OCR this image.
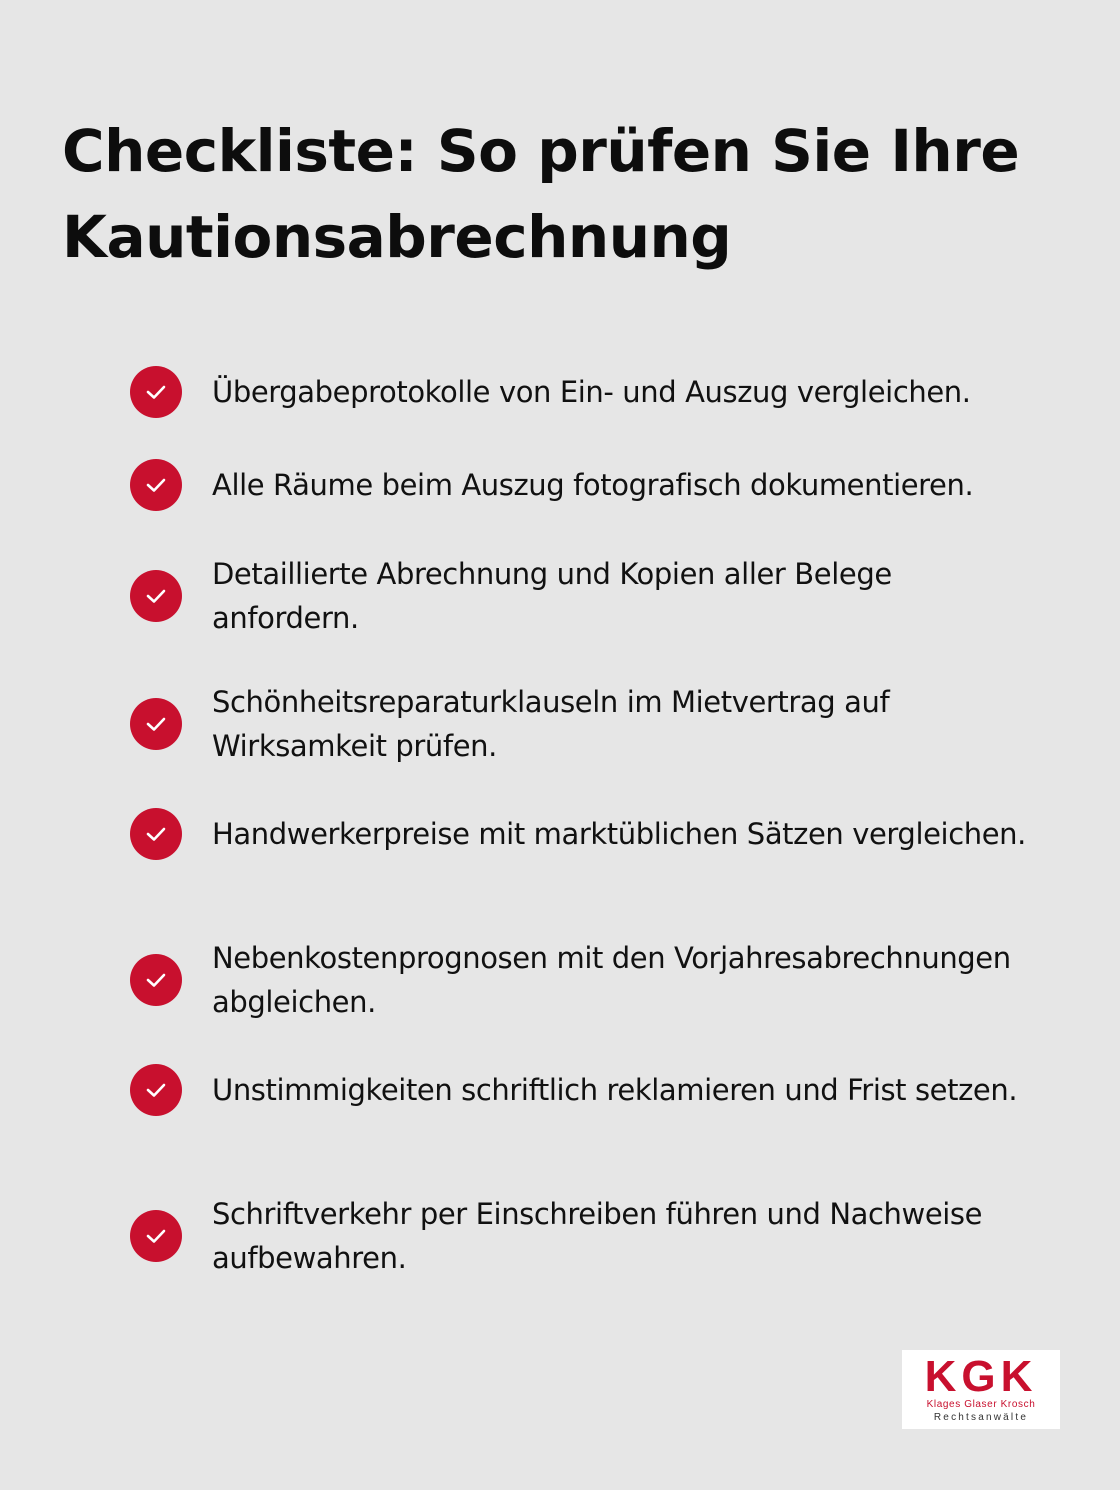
Checkliste: So prüfen Sie Ihre Kautionsabrechnung
Übergabeprotokolle von Ein- und Auszug vergleichen.
Alle Räume beim Auszug fotografisch dokumentieren.
Detaillierte Abrechnung und Kopien aller Belege anfordern.
Schönheitsreparaturklauseln im Mietvertrag auf Wirksamkeit prüfen.
Handwerkerpreise mit marktüblichen Sätzen vergleichen.
Nebenkostenprognosen mit den Vorjahresabrechnungen abgleichen.
Unstimmigkeiten schriftlich reklamieren und Frist setzen.
Schriftverkehr per Einschreiben führen und Nachweise aufbewahren.
KGK
Klages Glaser Krosch
Rechtsanwälte
